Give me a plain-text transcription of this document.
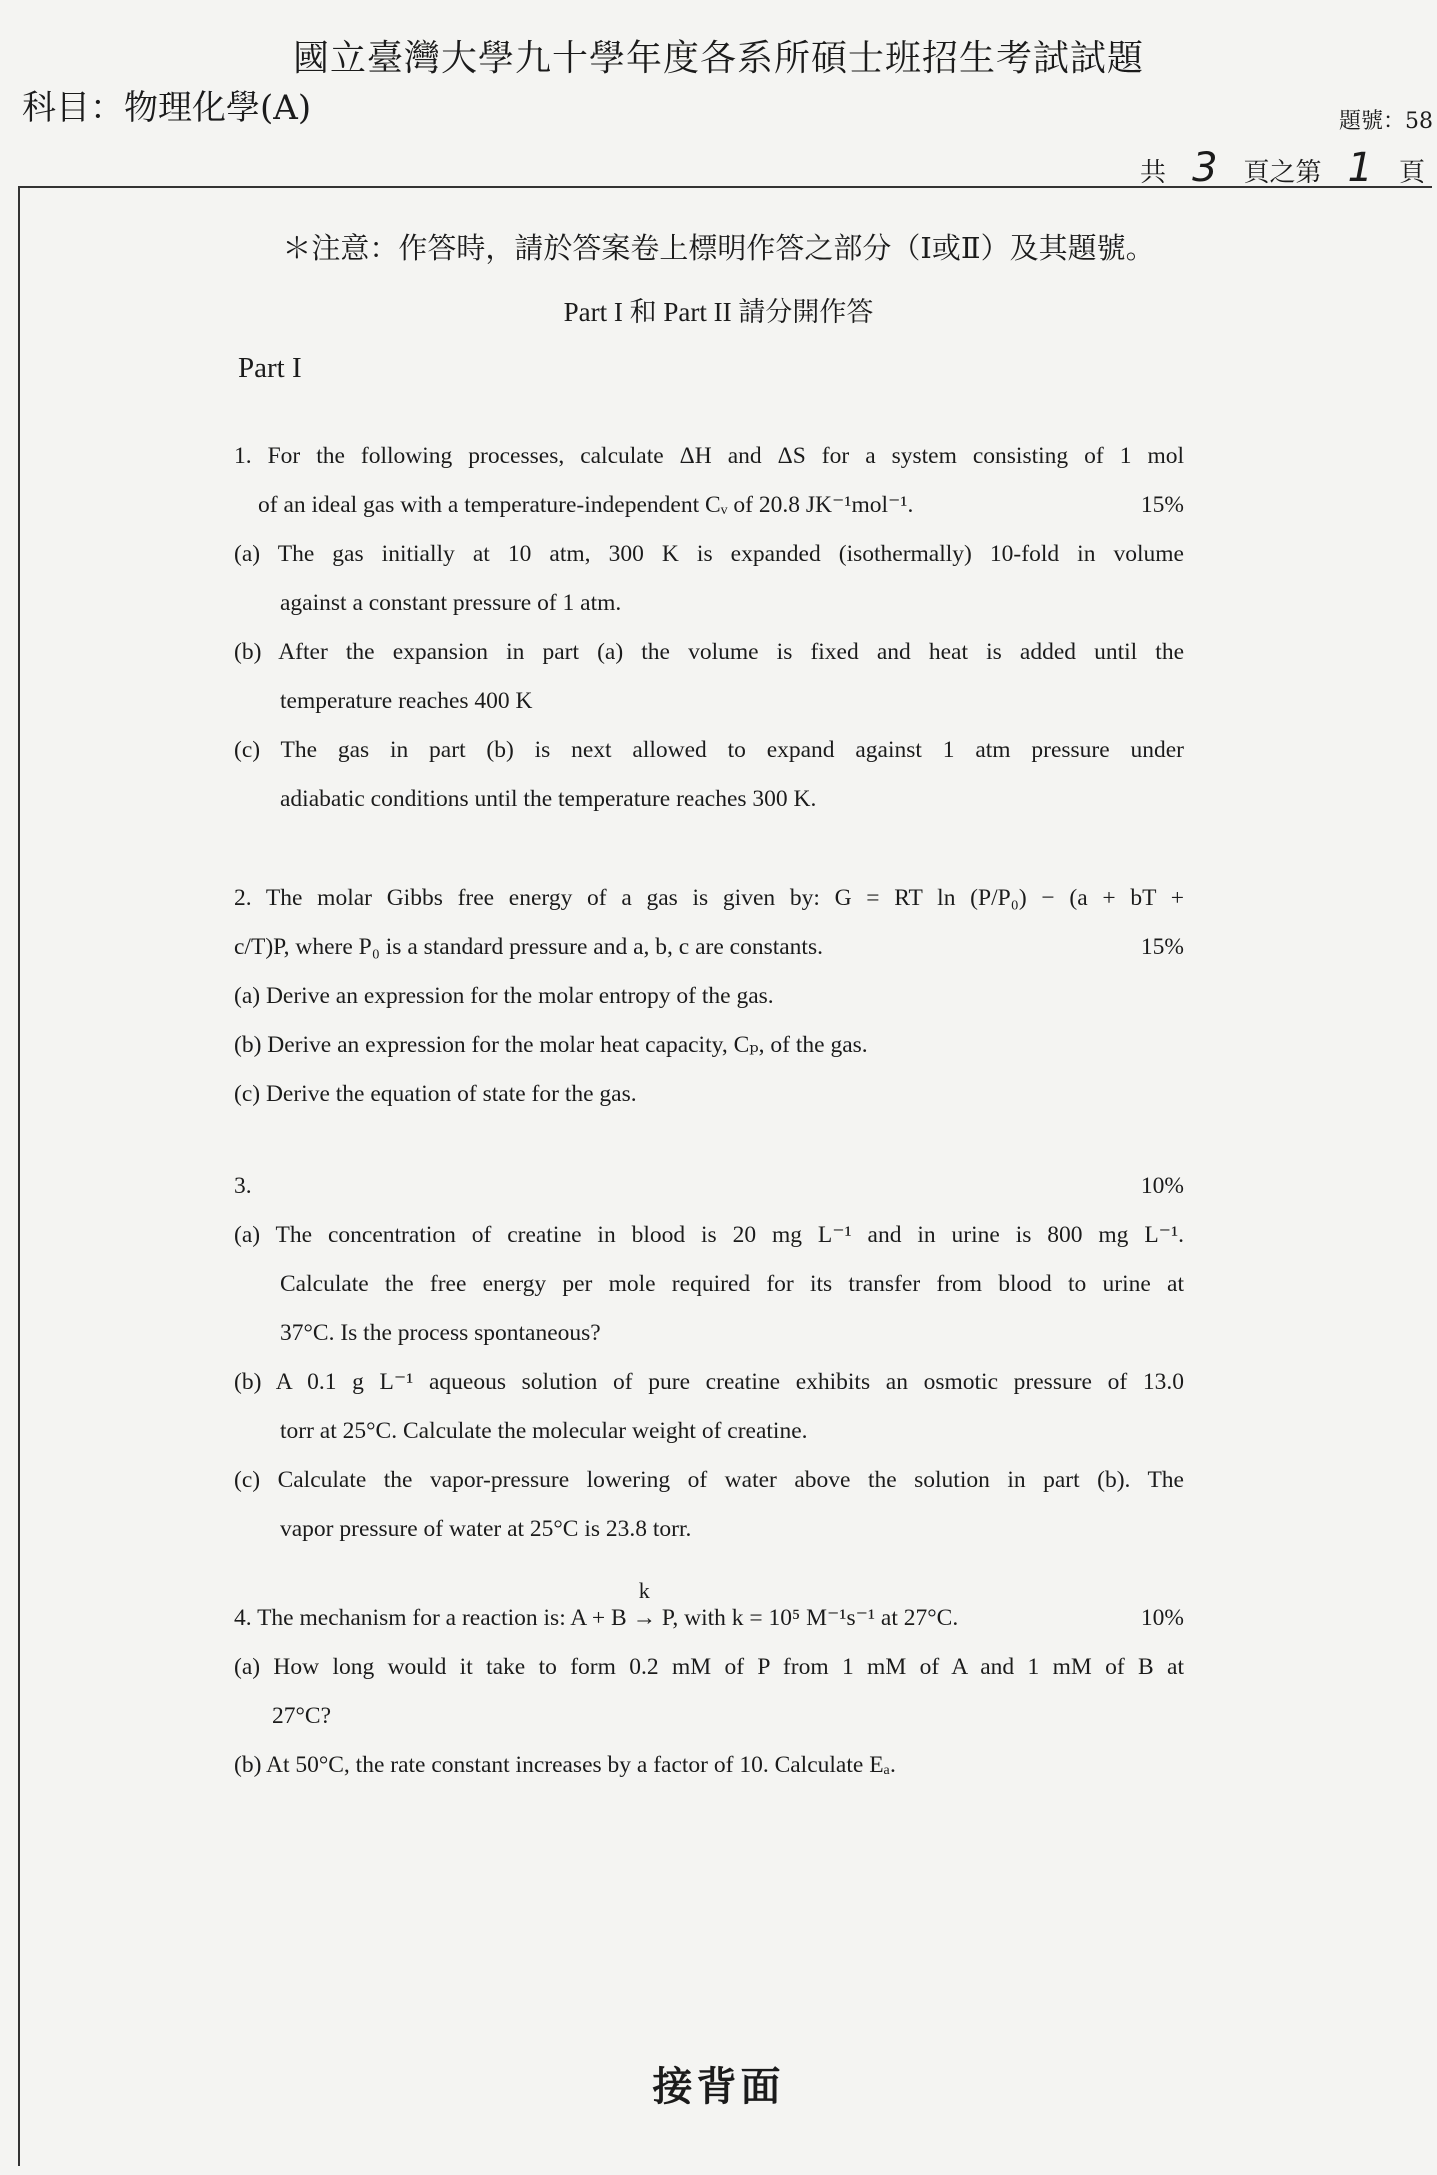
國立臺灣大學九十學年度各系所碩士班招生考試試題
科目：物理化學(A)	題號：58
共 3	頁之第 1	頁
＊注意：作答時，請於答案卷上標明作答之部分（Ⅰ或Ⅱ）及其題號。
Part I 和 Part II 請分開作答
Part I
1. For the following processes, calculate ΔH and ΔS for a system consisting of 1 mol
of an ideal gas with a temperature-independent Cᵥ of 20.8 JK⁻¹mol⁻¹.	15%
(a) The gas initially at 10 atm, 300 K is expanded (isothermally) 10-fold in volume
against a constant pressure of 1 atm.
(b) After the expansion in part (a) the volume is fixed and heat is added until the
temperature reaches 400 K
(c) The gas in part (b) is next allowed to expand against 1 atm pressure under
adiabatic conditions until the temperature reaches 300 K.
2. The molar Gibbs free energy of a gas is given by: G = RT ln (P/P₀) − (a + bT +
c/T)P, where P₀ is a standard pressure and a, b, c are constants.	15%
(a) Derive an expression for the molar entropy of the gas.
(b) Derive an expression for the molar heat capacity, Cₚ, of the gas.
(c) Derive the equation of state for the gas.
3.	10%
(a) The concentration of creatine in blood is 20 mg L⁻¹ and in urine is 800 mg L⁻¹.
Calculate the free energy per mole required for its transfer from blood to urine at
37°C. Is the process spontaneous?
(b) A 0.1 g L⁻¹ aqueous solution of pure creatine exhibits an osmotic pressure of 13.0
torr at 25°C. Calculate the molecular weight of creatine.
(c) Calculate the vapor-pressure lowering of water above the solution in part (b). The
vapor pressure of water at 25°C is 23.8 torr.
4. The mechanism for a reaction is: A + B
k
→ P, with k = 10⁵ M⁻¹s⁻¹ at 27°C.	10%
(a) How long would it take to form 0.2 mM of P from 1 mM of A and 1 mM of B at
27°C?
(b) At 50°C, the rate constant increases by a factor of 10. Calculate Eₐ.
接背面
